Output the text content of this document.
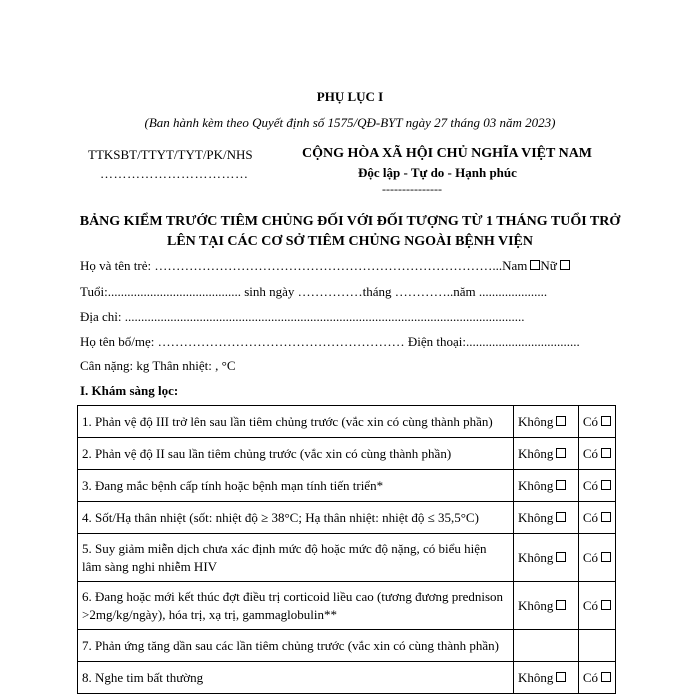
PHỤ LỤC I
(Ban hành kèm theo Quyết định số 1575/QĐ-BYT ngày 27 tháng 03 năm 2023)
TTKSBT/TTYT/TYT/PK/NHS
……………………………
CỘNG HÒA XÃ HỘI CHỦ NGHĨA VIỆT NAM
Độc lập - Tự do - Hạnh phúc
---------------
BẢNG KIỂM TRƯỚC TIÊM CHỦNG ĐỐI VỚI ĐỐI TƯỢNG TỪ 1 THÁNG TUỔI TRỞ
LÊN TẠI CÁC CƠ SỞ TIÊM CHỦNG NGOÀI BỆNH VIỆN
Họ và tên trẻ: ……………………………………………………………………...Nam Nữ
Tuổi:......................................... sinh ngày ……………tháng …………..năm .....................
Địa chỉ: ...........................................................................................................................
Họ tên bố/mẹ: ………………………………………………… Điện thoại:...................................
Cân nặng: kg Thân nhiệt: , °C
I. Khám sàng lọc:
1. Phản vệ độ III trở lên sau lần tiêm chủng trước (vắc xin có cùng thành phần)	Không	Có
2. Phản vệ độ II sau lần tiêm chủng trước (vắc xin có cùng thành phần)	Không	Có
3. Đang mắc bệnh cấp tính hoặc bệnh mạn tính tiến triển*	Không	Có
4. Sốt/Hạ thân nhiệt (sốt: nhiệt độ ≥ 38°C; Hạ thân nhiệt: nhiệt độ ≤ 35,5°C)	Không	Có
5. Suy giảm miễn dịch chưa xác định mức độ hoặc mức độ nặng, có biểu hiện lâm sàng nghi nhiễm HIV	Không	Có
6. Đang hoặc mới kết thúc đợt điều trị corticoid liều cao (tương đương prednison >2mg/kg/ngày), hóa trị, xạ trị, gammaglobulin**	Không	Có
7. Phản ứng tăng dần sau các lần tiêm chủng trước (vắc xin có cùng thành phần)		
8. Nghe tim bất thường	Không	Có
